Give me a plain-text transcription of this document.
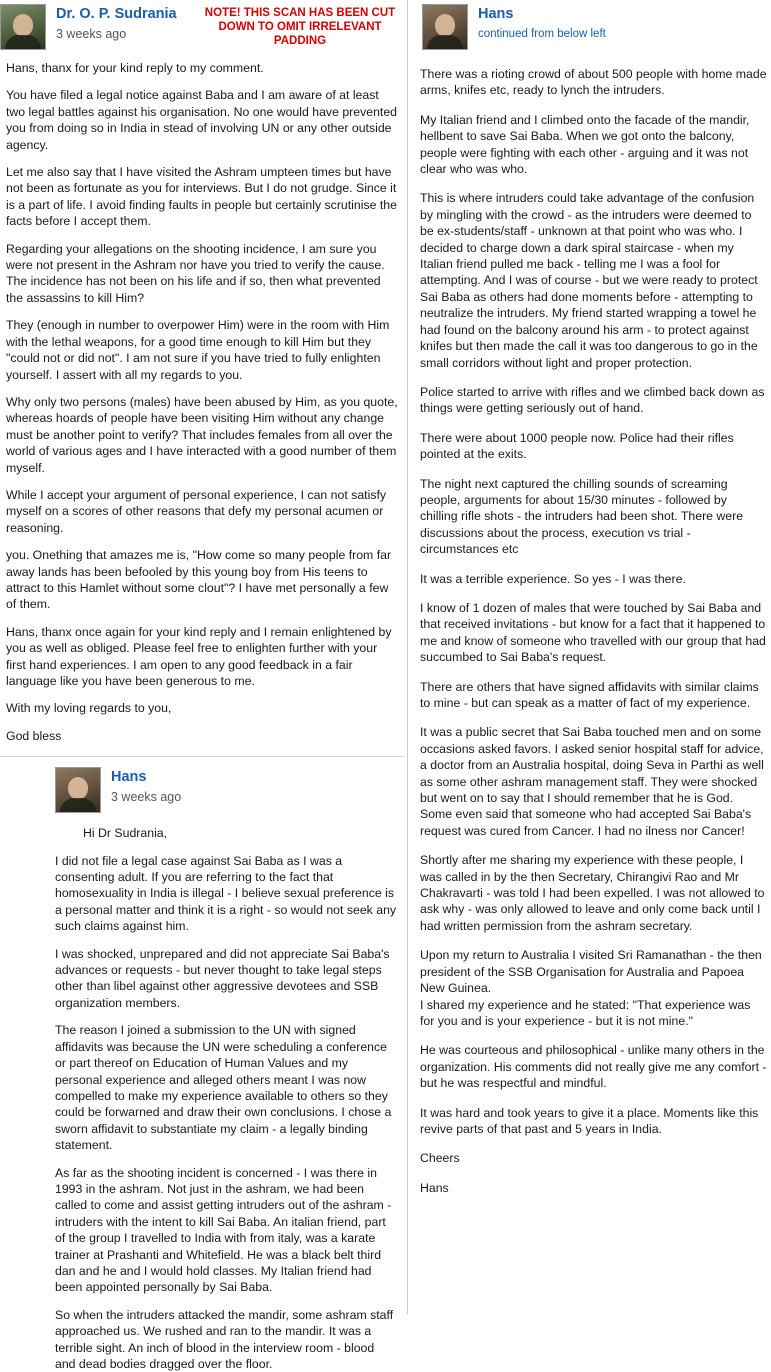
Dr. O. P. Sudrania
3 weeks ago
NOTE! THIS SCAN HAS BEEN CUT DOWN TO OMIT IRRELEVANT PADDING

Hans, thanx for your kind reply to my comment.

You have filed a legal notice against Baba and I am aware of at least two legal battles against his organisation. No one would have prevented you from doing so in India in stead of involving UN or any other outside agency.

Let me also say that I have visited the Ashram umpteen times but have not been as fortunate as you for interviews. But I do not grudge. Since it is a part of life. I avoid finding faults in people but certainly scrutinise the facts before I accept them.

Regarding your allegations on the shooting incidence, I am sure you were not present in the Ashram nor have you tried to verify the cause. The incidence has not been on his life and if so, then what prevented the assassins to kill Him?

They (enough in number to overpower Him) were in the room with Him with the lethal weapons, for a good time enough to kill Him but they "could not or did not". I am not sure if you have tried to fully enlighten yourself. I assert with all my regards to you.

Why only two persons (males) have been abused by Him, as you quote, whereas hoards of people have been visiting Him without any change must be another point to verify? That includes females from all over the world of various ages and I have interacted with a good number of them myself.

While I accept your argument of personal experience, I can not satisfy myself on a scores of other reasons that defy my personal acumen or reasoning.

you. Onething that amazes me is, "How come so many people from far away lands has been befooled by this young boy from His teens to attract to this Hamlet without some clout"? I have met personally a few of them.

Hans, thanx once again for your kind reply and I remain enlightened by you as well as obliged. Please feel free to enlighten further with your first hand experiences. I am open to any good feedback in a fair language like you have been generous to me.

With my loving regards to you,

God bless

Hans
3 weeks ago

Hi Dr Sudrania,

I did not file a legal case against Sai Baba as I was a consenting adult. If you are referring to the fact that homosexuality in India is illegal - I believe sexual preference is a personal matter and think it is a right - so would not seek any such claims against him.

I was shocked, unprepared and did not appreciate Sai Baba's advances or requests - but never thought to take legal steps other than libel against other aggressive devotees and SSB organization members.

The reason I joined a submission to the UN with signed affidavits was because the UN were scheduling a conference or part thereof on Education of Human Values and my personal experience and alleged others meant I was now compelled to make my experience available to others so they could be forwarned and draw their own conclusions. I chose a sworn affidavit to substantiate my claim - a legally binding statement.

As far as the shooting incident is concerned - I was there in 1993 in the ashram. Not just in the ashram, we had been called to come and assist getting intruders out of the ashram - intruders with the intent to kill Sai Baba. An italian friend, part of the group I travelled to India with from italy, was a karate trainer at Prashanti and Whitefield. He was a black belt third dan and he and I would hold classes. My Italian friend had been appointed personally by Sai Baba.

So when the intruders attacked the mandir, some ashram staff approached us. We rushed and ran to the mandir. It was a terrible sight. An inch of blood in the interview room - blood and dead bodies dragged over the floor.

Hans
continued from below left

There was a rioting crowd of about 500 people with home made arms, knifes etc, ready to lynch the intruders.

My Italian friend and I climbed onto the facade of the mandir, hellbent to save Sai Baba. When we got onto the balcony, people were fighting with each other - arguing and it was not clear who was who.

This is where intruders could take advantage of the confusion by mingling with the crowd - as the intruders were deemed to be ex-students/staff - unknown at that point who was who. I decided to charge down a dark spiral staircase - when my Italian friend pulled me back - telling me I was a fool for attempting. And I was of course - but we were ready to protect Sai Baba as others had done moments before - attempting to neutralize the intruders. My friend started wrapping a towel he had found on the balcony around his arm - to protect against knifes but then made the call it was too dangerous to go in the small corridors without light and proper protection.

Police started to arrive with rifles and we climbed back down as things were getting seriously out of hand.

There were about 1000 people now. Police had their rifles pointed at the exits.

The night next captured the chilling sounds of screaming people, arguments for about 15/30 minutes - followed by chilling rifle shots - the intruders had been shot. There were discussions about the process, execution vs trial - circumstances etc

It was a terrible experience. So yes - I was there.

I know of 1 dozen of males that were touched by Sai Baba and that received invitations - but know for a fact that it happened to me and know of someone who travelled with our group that had succumbed to Sai Baba's request.

There are others that have signed affidavits with similar claims to mine - but can speak as a matter of fact of my experience.

It was a public secret that Sai Baba touched men and on some occasions asked favors. I asked senior hospital staff for advice, a doctor from an Australia hospital, doing Seva in Parthi as well as some other ashram management staff. They were shocked but went on to say that I should remember that he is God. Some even said that someone who had accepted Sai Baba's request was cured from Cancer. I had no ilness nor Cancer!

Shortly after me sharing my experience with these people, I was called in by the then Secretary, Chirangivi Rao and Mr Chakravarti - was told I had been expelled. I was not allowed to ask why - was only allowed to leave and only come back until I had written permission from the ashram secretary.

Upon my return to Australia I visited Sri Ramanathan - the then president of the SSB Organisation for Australia and Papoea New Guinea.

I shared my experience and he stated: "That experience was for you and is your experience - but it is not mine."

He was courteous and philosophical - unlike many others in the organization. His comments did not really give me any comfort - but he was respectful and mindful.

It was hard and took years to give it a place. Moments like this revive parts of that past and 5 years in India.

Cheers

Hans
